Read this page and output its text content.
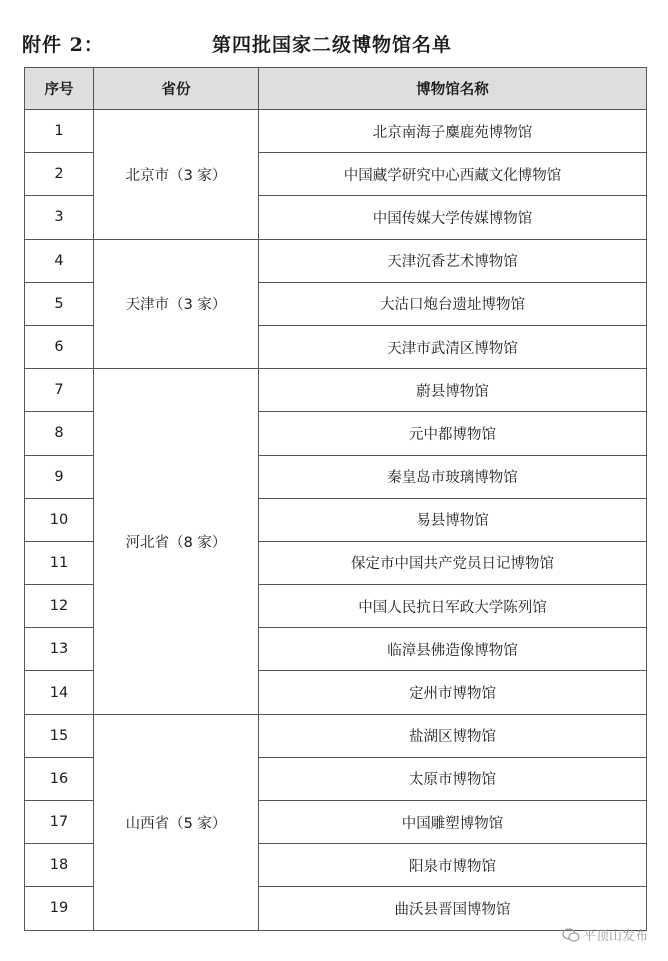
附件 2：	第四批国家二级博物馆名单
序号	省份	博物馆名称
1	北京市（3 家）	北京南海子麋鹿苑博物馆
2		中国藏学研究中心西藏文化博物馆
3		中国传媒大学传媒博物馆
4	天津市（3 家）	天津沉香艺术博物馆
5		大沽口炮台遗址博物馆
6		天津市武清区博物馆
7	河北省（8 家）	蔚县博物馆
8		元中都博物馆
9		秦皇岛市玻璃博物馆
10		易县博物馆
11		保定市中国共产党员日记博物馆
12		中国人民抗日军政大学陈列馆
13		临漳县佛造像博物馆
14		定州市博物馆
15	山西省（5 家）	盐湖区博物馆
16		太原市博物馆
17		中国雕塑博物馆
18		阳泉市博物馆
19		曲沃县晋国博物馆
平顶山发布
